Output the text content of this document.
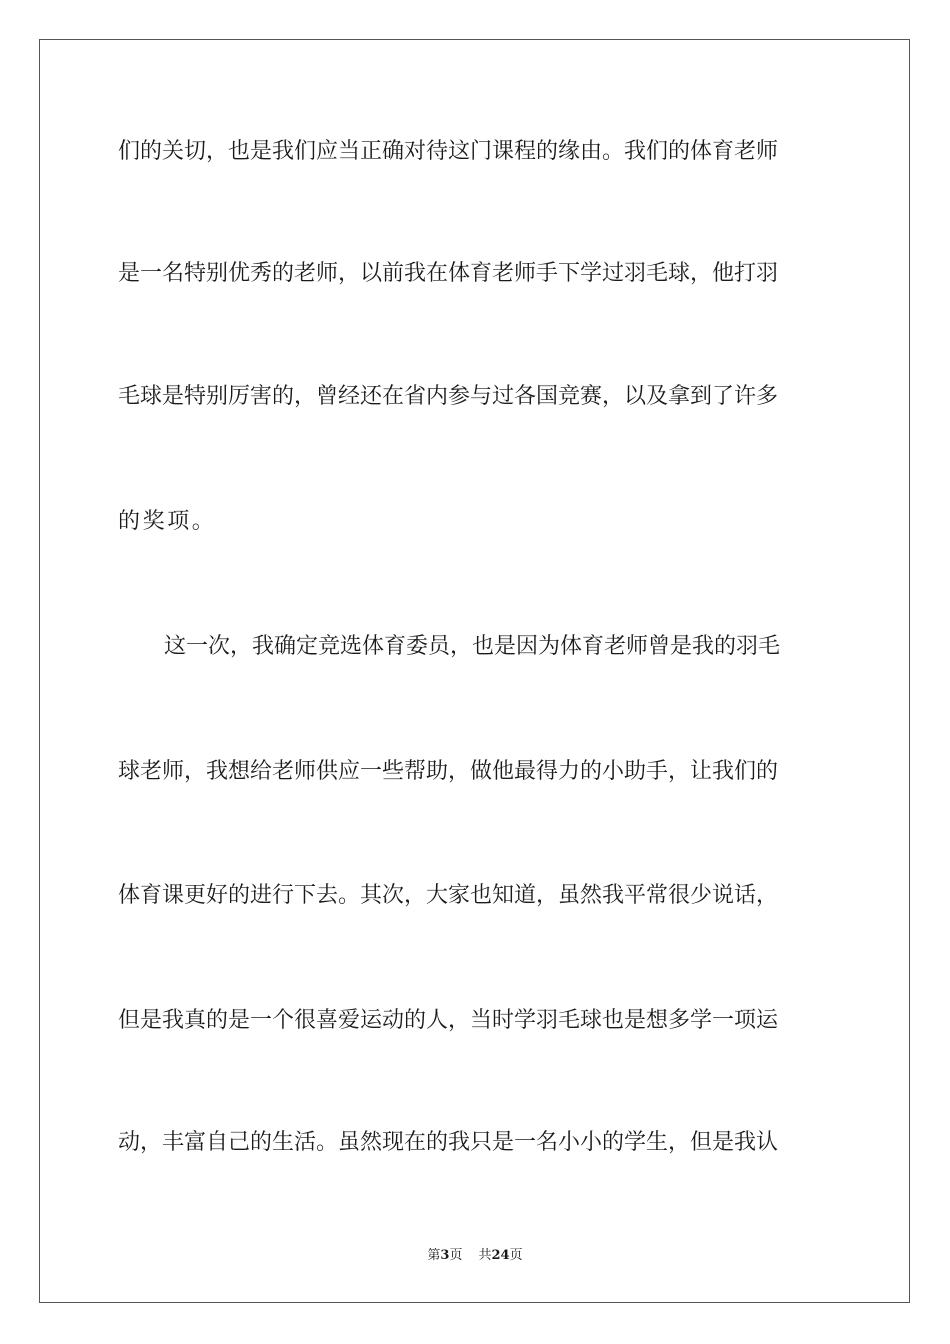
们的关切，也是我们应当正确对待这门课程的缘由。我们的体育老师
是一名特别优秀的老师，以前我在体育老师手下学过羽毛球，他打羽
毛球是特别厉害的，曾经还在省内参与过各国竞赛，以及拿到了许多
的奖项。
这一次，我确定竞选体育委员，也是因为体育老师曾是我的羽毛
球老师，我想给老师供应一些帮助，做他最得力的小助手，让我们的
体育课更好的进行下去。其次，大家也知道，虽然我平常很少说话，
但是我真的是一个很喜爱运动的人，当时学羽毛球也是想多学一项运
动，丰富自己的生活。虽然现在的我只是一名小小的学生，但是我认
第3页 共24页
